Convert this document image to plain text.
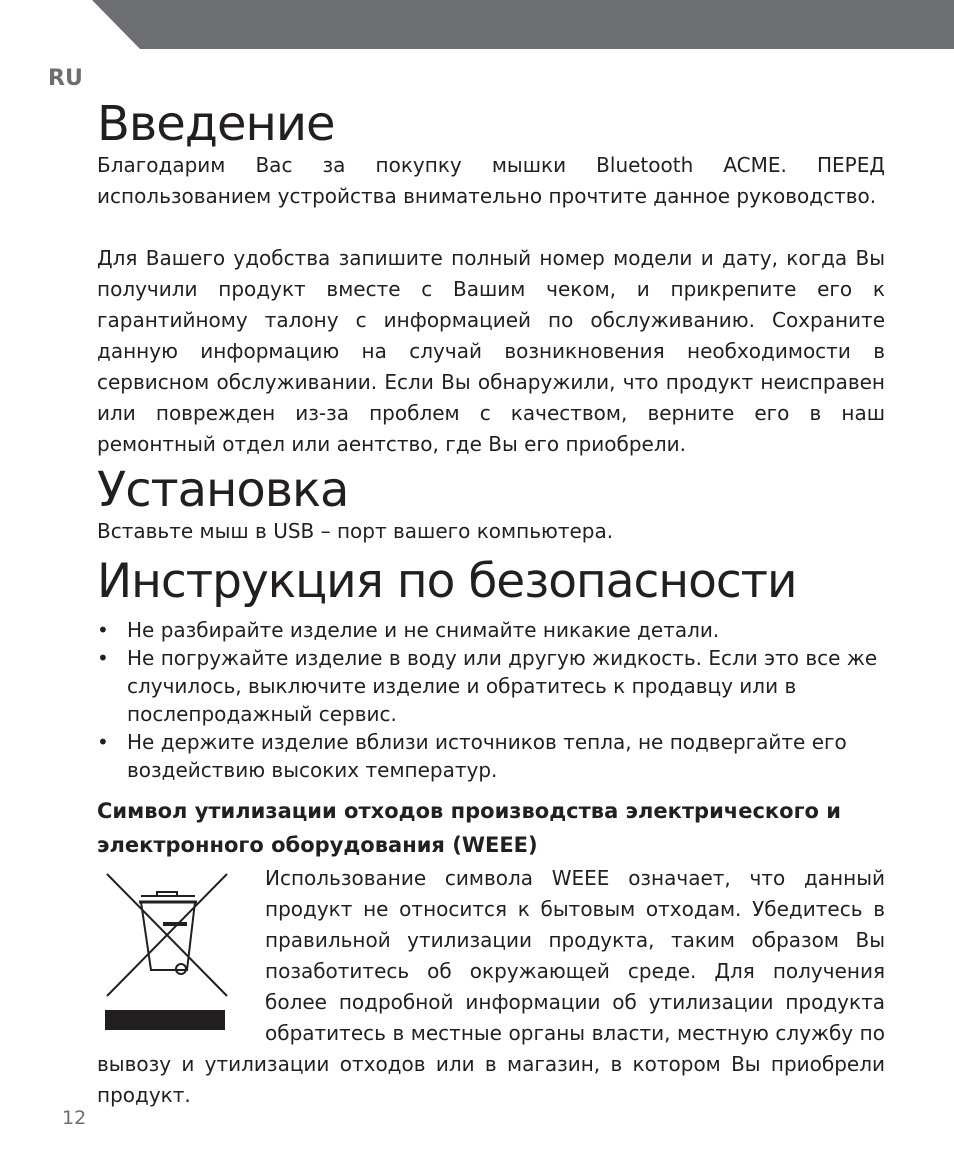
RU
Введение

Благодарим Вас за покупку мышки Bluetooth ACME. ПЕРЕД использованием устройства внимательно прочтите данное руководство.

Для Вашего удобства запишите полный номер модели и дату, когда Вы получили продукт вместе с Вашим чеком, и прикрепите его к гарантийному талону с информацией по обслуживанию. Сохраните данную информацию на случай возникновения необходимости в сервисном обслуживании. Если Вы обнаружили, что продукт неисправен или поврежден из-за проблем с качеством, верните его в наш ремонтный отдел или аентство, где Вы его приобрели.

Установка

Вставьте мыш в USB – порт вашего компьютера.

Инструкция по безопасности
• Не разбирайте изделие и не снимайте никакие детали.
• Не погружайте изделие в воду или другую жидкость. Если это все же случилось, выключите изделие и обратитесь к продавцу или в послепродажный сервис.
• Не держите изделие вблизи источников тепла, не подвергайте его воздействию высоких температур.
Символ утилизации отходов производства электрического и электронного оборудования (WEEE)

Использование символа WEEE означает, что данный продукт не относится к бытовым отходам. Убедитесь в правильной утилизации продукта, таким образом Вы позаботитесь об окружающей среде. Для получения более подробной информации об утилизации продукта обратитесь в местные органы власти, местную службу по вывозу и утилизации отходов или в магазин, в котором Вы приобрели продукт.

12
